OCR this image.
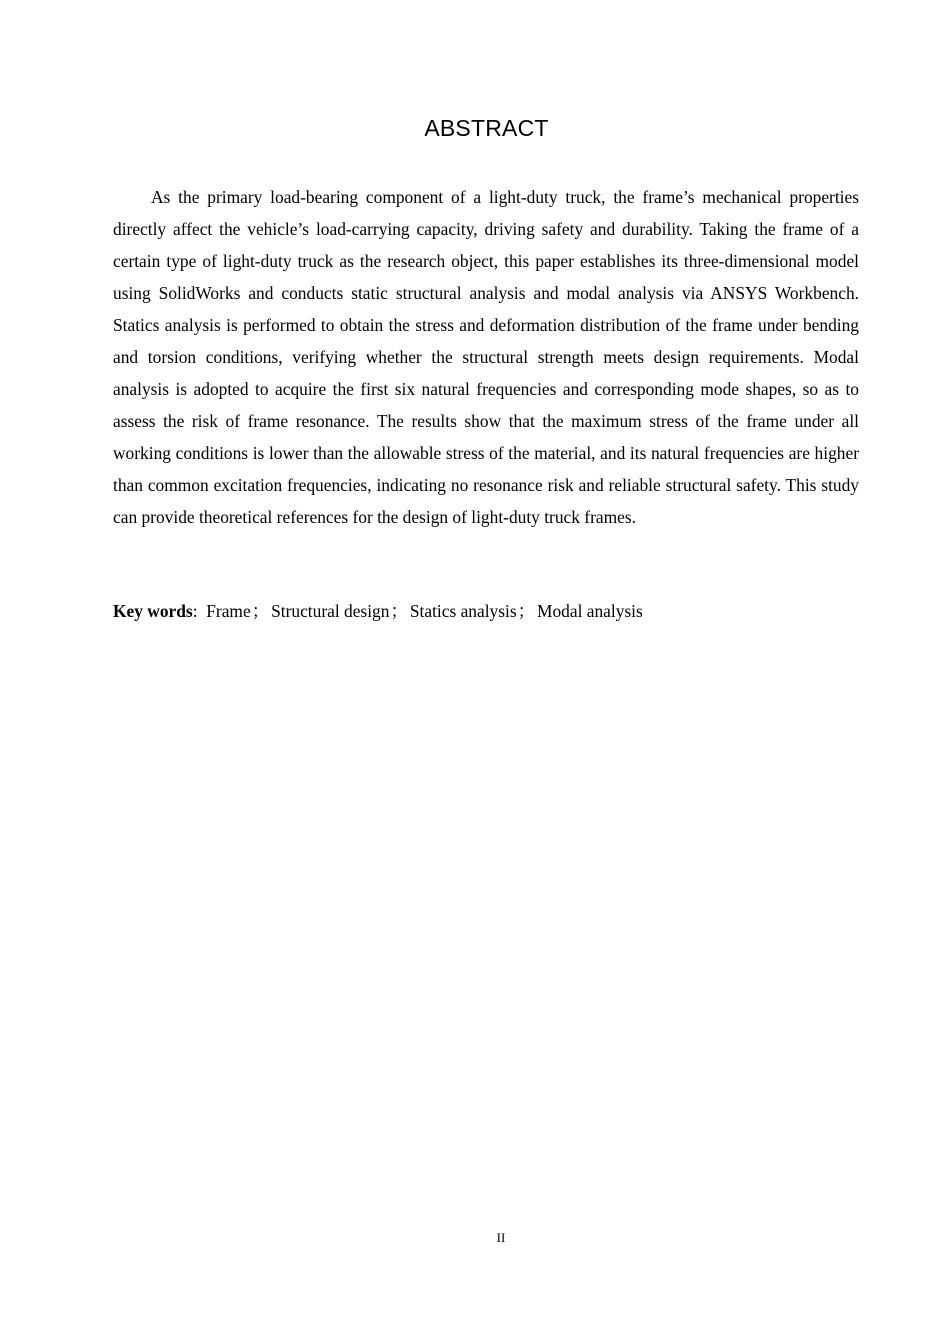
ABSTRACT

As the primary load-bearing component of a light-duty truck, the frame’s mechanical properties directly affect the vehicle’s load-carrying capacity, driving safety and durability. Taking the frame of a certain type of light-duty truck as the research object, this paper establishes its three-dimensional model using SolidWorks and conducts static structural analysis and modal analysis via ANSYS Workbench. Statics analysis is performed to obtain the stress and deformation distribution of the frame under bending and torsion conditions, verifying whether the structural strength meets design requirements. Modal analysis is adopted to acquire the first six natural frequencies and corresponding mode shapes, so as to assess the risk of frame resonance. The results show that the maximum stress of the frame under all working conditions is lower than the allowable stress of the material, and its natural frequencies are higher than common excitation frequencies, indicating no resonance risk and reliable structural safety. This study can provide theoretical references for the design of light-duty truck frames.

Key words: Frame； Structural design； Statics analysis； Modal analysis
II
